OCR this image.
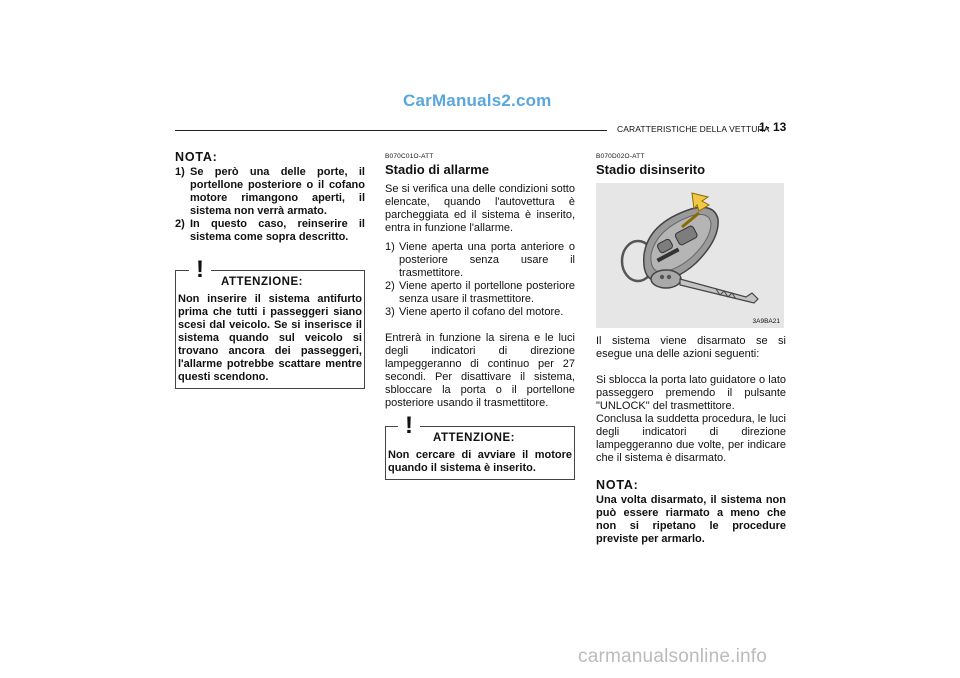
CarManuals2.com
CARATTERISTICHE DELLA VETTURA
1- 13
NOTA:
1) Se però una delle porte, il portellone posteriore o il cofano motore rimangono aperti, il sistema non verrà armato.
2) In questo caso, reinserire il sistema come sopra descritto.
!	ATTENZIONE:
Non inserire il sistema antifurto prima che tutti i passeggeri siano scesi dal veicolo. Se si inserisce il sistema quando sul veicolo si trovano ancora dei passeggeri, l'allarme potrebbe scattare mentre questi scendono.
B070C01O-ATT
Stadio di allarme
Se si verifica una delle condizioni sotto elencate, quando l'autovettura è parcheggiata ed il sistema è inserito, entra in funzione l'allarme.
1) Viene aperta una porta anteriore o posteriore senza usare il trasmettitore.
2) Viene aperto il portellone posteriore senza usare il trasmettitore.
3) Viene aperto il cofano del motore.
Entrerà in funzione la sirena e le luci degli indicatori di direzione lampeggeranno di continuo per 27 secondi. Per disattivare il sistema, sbloccare la porta o il portellone posteriore usando il trasmettitore.
!	ATTENZIONE:
Non cercare di avviare il motore quando il sistema è inserito.
B070D02O-ATT
Stadio disinserito
3A9BA21
Il sistema viene disarmato se si esegue una delle azioni seguenti:
Si sblocca la porta lato guidatore o lato passeggero premendo il pulsante "UNLOCK" del trasmettitore.
Conclusa la suddetta procedura, le luci degli indicatori di direzione lampeggeranno due volte, per indicare che il sistema è disarmato.
NOTA:
Una volta disarmato, il sistema non può essere riarmato a meno che non si ripetano le procedure previste per armarlo.
carmanualsonline.info
